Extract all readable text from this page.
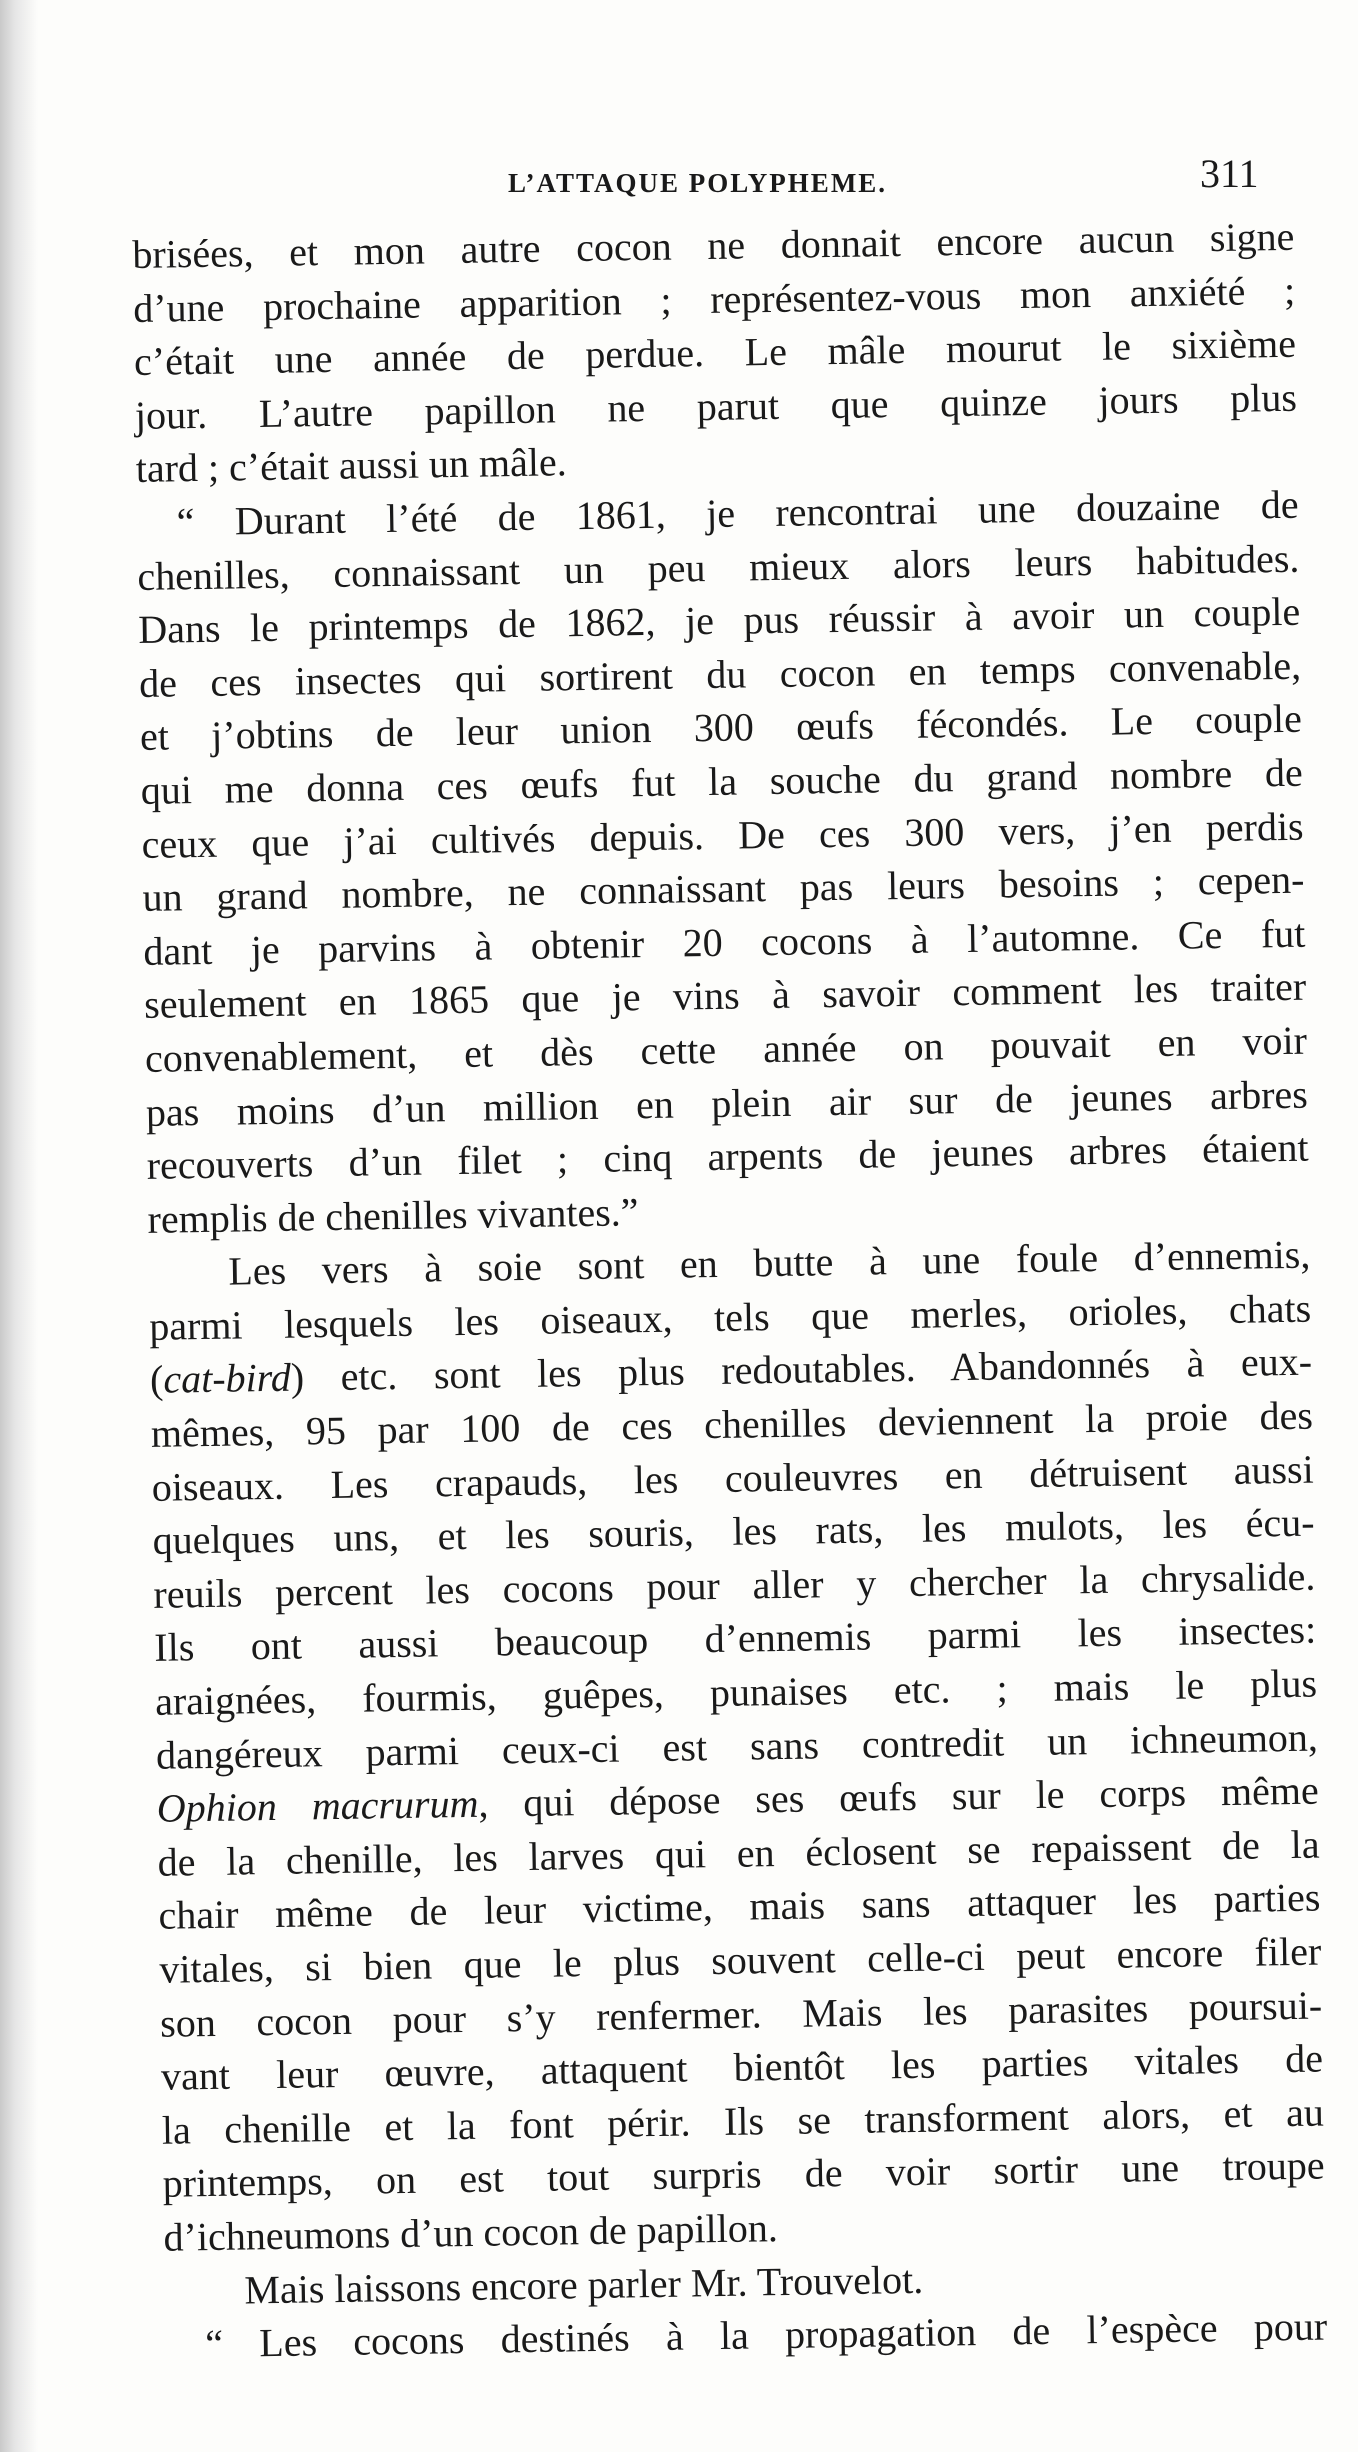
L’ATTAQUE POLYPHEME.	311
brisées, et mon autre cocon ne donnait encore aucun signe
d’une prochaine apparition ; représentez-vous mon anxiété ;
c’était une année de perdue. Le mâle mourut le sixième
jour. L’autre papillon ne parut que quinze jours plus
tard ; c’était aussi un mâle.
“ Durant l’été de 1861, je rencontrai une douzaine de
chenilles, connaissant un peu mieux alors leurs habitudes.
Dans le printemps de 1862, je pus réussir à avoir un couple
de ces insectes qui sortirent du cocon en temps convenable,
et j’obtins de leur union 300 œufs fécondés. Le couple
qui me donna ces œufs fut la souche du grand nombre de
ceux que j’ai cultivés depuis. De ces 300 vers, j’en perdis
un grand nombre, ne connaissant pas leurs besoins ; cepen-
dant je parvins à obtenir 20 cocons à l’automne. Ce fut
seulement en 1865 que je vins à savoir comment les traiter
convenablement, et dès cette année on pouvait en voir
pas moins d’un million en plein air sur de jeunes arbres
recouverts d’un filet ; cinq arpents de jeunes arbres étaient
remplis de chenilles vivantes.”
Les vers à soie sont en butte à une foule d’ennemis,
parmi lesquels les oiseaux, tels que merles, orioles, chats
(cat-bird) etc. sont les plus redoutables. Abandonnés à eux-
mêmes, 95 par 100 de ces chenilles deviennent la proie des
oiseaux. Les crapauds, les couleuvres en détruisent aussi
quelques uns, et les souris, les rats, les mulots, les écu-
reuils percent les cocons pour aller y chercher la chrysalide.
Ils ont aussi beaucoup d’ennemis parmi les insectes:
araignées, fourmis, guêpes, punaises etc. ; mais le plus
dangéreux parmi ceux-ci est sans contredit un ichneumon,
Ophion macrurum, qui dépose ses œufs sur le corps même
de la chenille, les larves qui en éclosent se repaissent de la
chair même de leur victime, mais sans attaquer les parties
vitales, si bien que le plus souvent celle-ci peut encore filer
son cocon pour s’y renfermer. Mais les parasites poursui-
vant leur œuvre, attaquent bientôt les parties vitales de
la chenille et la font périr. Ils se transforment alors, et au
printemps, on est tout surpris de voir sortir une troupe
d’ichneumons d’un cocon de papillon.
Mais laissons encore parler Mr. Trouvelot.
“ Les cocons destinés à la propagation de l’espèce pour
